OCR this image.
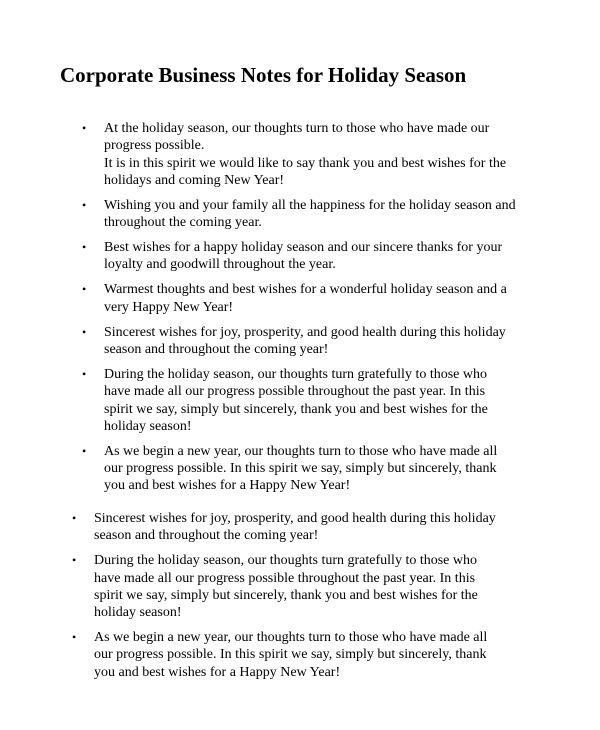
Corporate Business Notes for Holiday Season
• At the holiday season, our thoughts turn to those who have made our
progress possible.
It is in this spirit we would like to say thank you and best wishes for the
holidays and coming New Year!
• Wishing you and your family all the happiness for the holiday season and
throughout the coming year.
• Best wishes for a happy holiday season and our sincere thanks for your
loyalty and goodwill throughout the year.
• Warmest thoughts and best wishes for a wonderful holiday season and a
very Happy New Year!
• Sincerest wishes for joy, prosperity, and good health during this holiday
season and throughout the coming year!
• During the holiday season, our thoughts turn gratefully to those who
have made all our progress possible throughout the past year. In this
spirit we say, simply but sincerely, thank you and best wishes for the
holiday season!
• As we begin a new year, our thoughts turn to those who have made all
our progress possible. In this spirit we say, simply but sincerely, thank
you and best wishes for a Happy New Year!
• Sincerest wishes for joy, prosperity, and good health during this holiday
season and throughout the coming year!
• During the holiday season, our thoughts turn gratefully to those who
have made all our progress possible throughout the past year. In this
spirit we say, simply but sincerely, thank you and best wishes for the
holiday season!
• As we begin a new year, our thoughts turn to those who have made all
our progress possible. In this spirit we say, simply but sincerely, thank
you and best wishes for a Happy New Year!
